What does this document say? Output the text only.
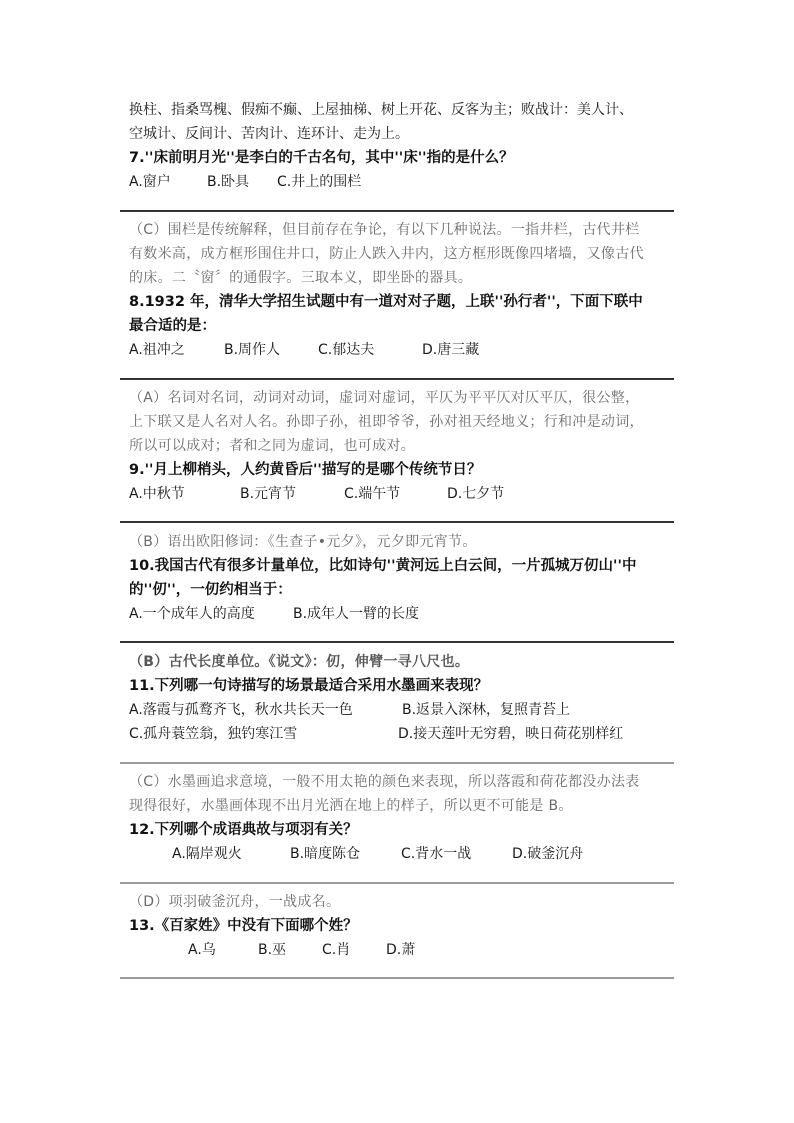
换柱、指桑骂槐、假痴不癫、上屋抽梯、树上开花、反客为主；败战计：美人计、
空城计、反间计、苦肉计、连环计、走为上。
7.''床前明月光''是李白的千古名句，其中''床''指的是什么？
A.窗户	B.卧具 C.井上的围栏
（C）围栏是传统解释，但目前存在争论，有以下几种说法。一指井栏，古代井栏
有数米高，成方框形围住井口，防止人跌入井内，这方框形既像四堵墙，又像古代
的床。二〝窗〞的通假字。三取本义，即坐卧的器具。
8.1932 年，清华大学招生试题中有一道对对子题，上联''孙行者''，下面下联中
最合适的是：
A.祖冲之	B.周作人	C.郁达夫	D.唐三藏
（A）名词对名词，动词对动词，虚词对虚词，平仄为平平仄对仄平仄，很公整，
上下联又是人名对人名。孙即子孙，祖即爷爷，孙对祖天经地义；行和冲是动词，
所以可以成对；者和之同为虚词，也可成对。
9.''月上柳梢头，人约黄昏后''描写的是哪个传统节日？
A.中秋节	B.元宵节	C.端午节	D.七夕节
（B）语出欧阳修词：《生查子•元夕》，元夕即元宵节。
10.我国古代有很多计量单位，比如诗句''黄河远上白云间，一片孤城万仞山''中
的''仞''，一仞约相当于：
A.一个成年人的高度	B.成年人一臂的长度
（B）古代长度单位。《说文》：仞，伸臂一寻八尺也。
11.下列哪一句诗描写的场景最适合采用水墨画来表现？
A.落霞与孤鹜齐飞，秋水共长天一色	B.返景入深林，复照青苔上
C.孤舟蓑笠翁，独钓寒江雪	D.接天莲叶无穷碧，映日荷花别样红
（C）水墨画追求意境，一般不用太艳的颜色来表现，所以落霞和荷花都没办法表
现得很好，水墨画体现不出月光洒在地上的样子，所以更不可能是 B。
12.下列哪个成语典故与项羽有关？
A.隔岸观火	B.暗度陈仓	C.背水一战	D.破釜沉舟
（D）项羽破釜沉舟，一战成名。
13.《百家姓》中没有下面哪个姓？
A.乌	B.巫	C.肖	D.萧
